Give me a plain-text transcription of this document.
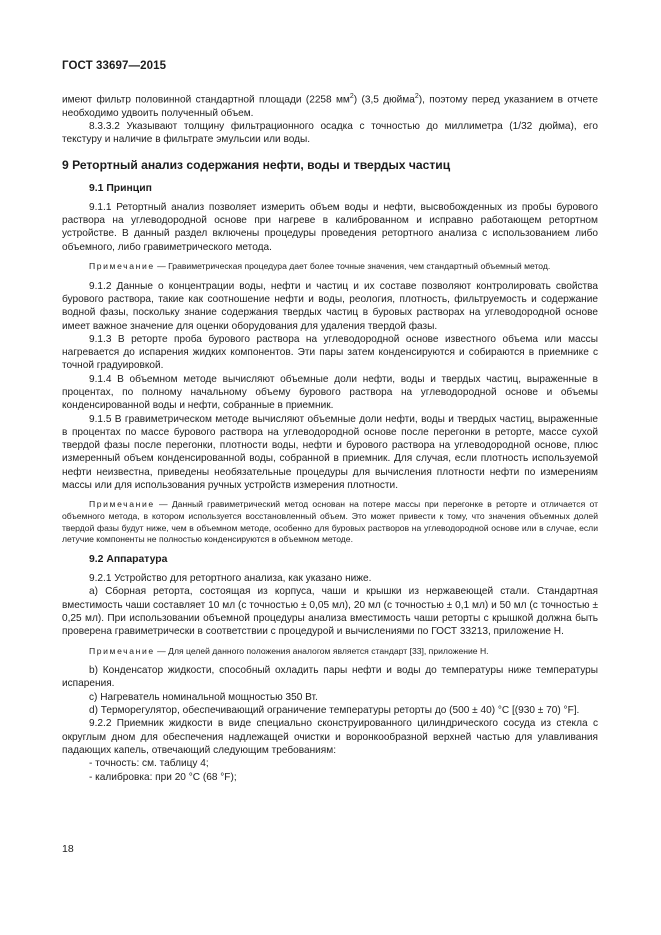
ГОСТ 33697—2015

имеют фильтр половинной стандартной площади (2258 $мм^2$) (3,5 дюйма$^2$), поэтому перед указанием в отчете необходимо удвоить полученный объем.

8.3.3.2 Указывают толщину фильтрационного осадка с точностью до миллиметра (1/32 дюйма), его текстуру и наличие в фильтрате эмульсии или воды.

9 Ретортный анализ содержания нефти, воды и твердых частиц

9.1 Принцип

9.1.1 Ретортный анализ позволяет измерить объем воды и нефти, высвобожденных из пробы бурового раствора на углеводородной основе при нагреве в калиброванном и исправно работающем ретортном устройстве. В данный раздел включены процедуры проведения ретортного анализа с использованием либо объемного, либо гравиметрического метода.

Примечание — Гравиметрическая процедура дает более точные значения, чем стандартный объемный метод.

9.1.2 Данные о концентрации воды, нефти и частиц и их составе позволяют контролировать свойства бурового раствора, такие как соотношение нефти и воды, реология, плотность, фильтруемость и содержание водной фазы, поскольку знание содержания твердых частиц в буровых растворах на углеводородной основе имеет важное значение для оценки оборудования для удаления твердой фазы.

9.1.3 В реторте проба бурового раствора на углеводородной основе известного объема или массы нагревается до испарения жидких компонентов. Эти пары затем конденсируются и собираются в приемнике с точной градуировкой.

9.1.4 В объемном методе вычисляют объемные доли нефти, воды и твердых частиц, выраженные в процентах, по полному начальному объему бурового раствора на углеводородной основе и объемы конденсированной воды и нефти, собранные в приемник.

9.1.5 В гравиметрическом методе вычисляют объемные доли нефти, воды и твердых частиц, выраженные в процентах по массе бурового раствора на углеводородной основе после перегонки в реторте, массе сухой твердой фазы после перегонки, плотности воды, нефти и бурового раствора на углеводородной основе, плюс измеренный объем конденсированной воды, собранной в приемник. Для случая, если плотность используемой нефти неизвестна, приведены необязательные процедуры для вычисления плотности нефти по измерениям массы или для использования ручных устройств измерения плотности.

Примечание — Данный гравиметрический метод основан на потере массы при перегонке в реторте и отличается от объемного метода, в котором используется восстановленный объем. Это может привести к тому, что значения объемных долей твердой фазы будут ниже, чем в объемном методе, особенно для буровых растворов на углеводородной основе или в случае, если летучие компоненты не полностью конденсируются в объемном методе.

9.2 Аппаратура

9.2.1 Устройство для ретортного анализа, как указано ниже.

a) Сборная реторта, состоящая из корпуса, чаши и крышки из нержавеющей стали. Стандартная вместимость чаши составляет 10 мл (с точностью ± 0,05 мл), 20 мл (с точностью ± 0,1 мл) и 50 мл (с точностью ± 0,25 мл). При использовании объемной процедуры анализа вместимость чаши реторты с крышкой должна быть проверена гравиметрически в соответствии с процедурой и вычислениями по ГОСТ 33213, приложение Н.

Примечание — Для целей данного положения аналогом является стандарт [33], приложение Н.

b) Конденсатор жидкости, способный охладить пары нефти и воды до температуры ниже температуры испарения.

c) Нагреватель номинальной мощностью 350 Вт.

d) Терморегулятор, обеспечивающий ограничение температуры реторты до (500 ± 40) °С [(930 ± 70) °F].

9.2.2 Приемник жидкости в виде специально сконструированного цилиндрического сосуда из стекла с округлым дном для обеспечения надлежащей очистки и воронкообразной верхней частью для улавливания падающих капель, отвечающий следующим требованиям:

- точность: см. таблицу 4;

- калибровка: при 20 °С (68 °F);

18
